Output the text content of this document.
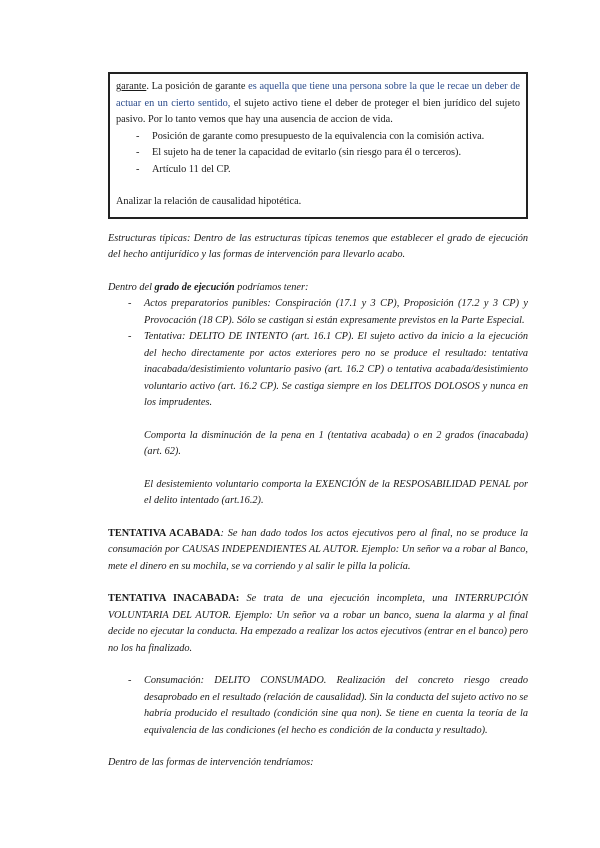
garante. La posición de garante es aquella que tiene una persona sobre la que le recae un deber de actuar en un cierto sentido, el sujeto activo tiene el deber de proteger el bien jurídico del sujeto pasivo. Por lo tanto vemos que hay una ausencia de accion de vida.

- Posición de garante como presupuesto de la equivalencia con la comisión activa.
- El sujeto ha de tener la capacidad de evitarlo (sin riesgo para él o terceros).
- Artículo 11 del CP.

Analizar la relación de causalidad hipotética.

Estructuras típicas: Dentro de las estructuras típicas tenemos que establecer el grado de ejecución del hecho antijurídico y las formas de intervención para llevarlo acabo.

Dentro del grado de ejecución podríamos tener:

- Actos preparatorios punibles: Conspiración (17.1 y 3 CP), Proposición (17.2 y 3 CP) y Provocación (18 CP). Sólo se castigan si están expresamente previstos en la Parte Especial.
- Tentativa: DELITO DE INTENTO (art. 16.1 CP). El sujeto activo da inicio a la ejecución del hecho directamente por actos exteriores pero no se produce el resultado: tentativa inacabada/desistimiento voluntario pasivo (art. 16.2 CP) o tentativa acabada/desistimiento voluntario activo (art. 16.2 CP). Se castiga siempre en los DELITOS DOLOSOS y nunca en los imprudentes.

Comporta la disminución de la pena en 1 (tentativa acabada) o en 2 grados (inacabada) (art. 62).

El desistemiento voluntario comporta la EXENCIÓN de la RESPOSABILIDAD PENAL por el delito intentado (art.16.2).

TENTATIVA ACABADA: Se han dado todos los actos ejecutivos pero al final, no se produce la consumación por CAUSAS INDEPENDIENTES AL AUTOR. Ejemplo: Un señor va a robar al Banco, mete el dinero en su mochila, se va corriendo y al salir le pilla la policía.

TENTATIVA INACABADA: Se trata de una ejecución incompleta, una INTERRUPCIÓN VOLUNTARIA DEL AUTOR. Ejemplo: Un señor va a robar un banco, suena la alarma y al final decide no ejecutar la conducta. Ha empezado a realizar los actos ejecutivos (entrar en el banco) pero no los ha finalizado.

- Consumación: DELITO CONSUMADO. Realización del concreto riesgo creado desaprobado en el resultado (relación de causalidad). Sin la conducta del sujeto activo no se habría producido el resultado (condición sine qua non). Se tiene en cuenta la teoría de la equivalencia de las condiciones (el hecho es condición de la conducta y resultado).

Dentro de las formas de intervención tendríamos:
